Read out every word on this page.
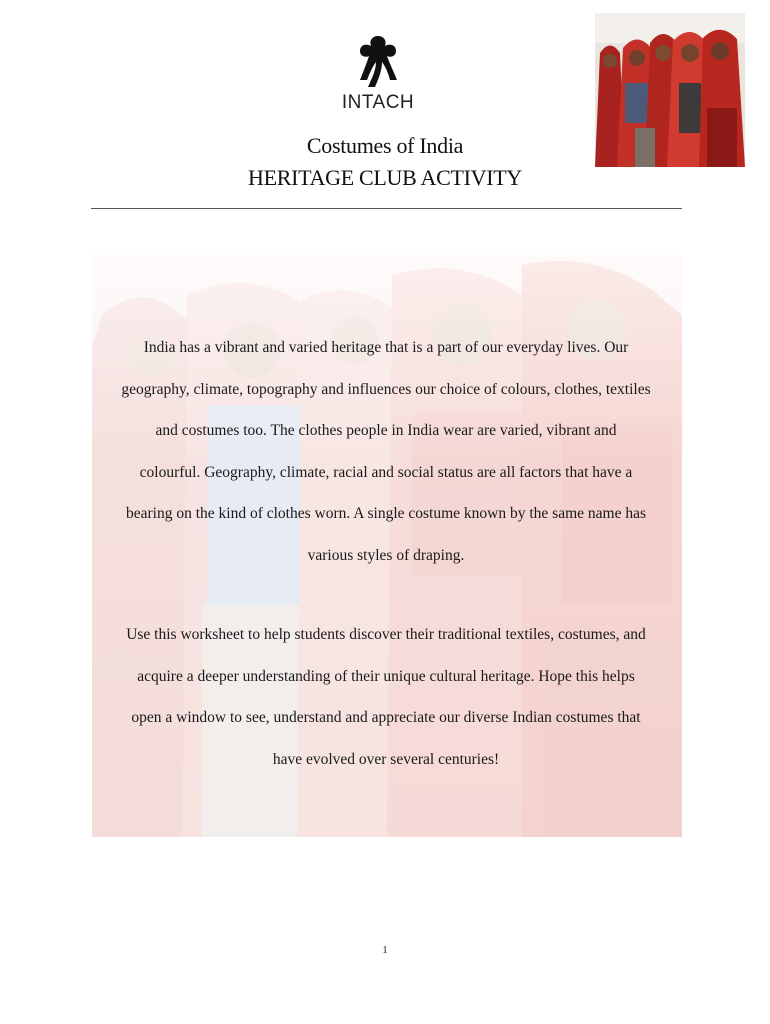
INTACH
Costumes of India
HERITAGE CLUB ACTIVITY
India has a vibrant and varied heritage that is a part of our everyday lives. Our
geography, climate, topography and influences our choice of colours, clothes, textiles
and costumes too. The clothes people in India wear are varied, vibrant and
colourful. Geography, climate, racial and social status are all factors that have a
bearing on the kind of clothes worn. A single costume known by the same name has
various styles of draping.
Use this worksheet to help students discover their traditional textiles, costumes, and
acquire a deeper understanding of their unique cultural heritage. Hope this helps
open a window to see, understand and appreciate our diverse Indian costumes that
have evolved over several centuries!
1
